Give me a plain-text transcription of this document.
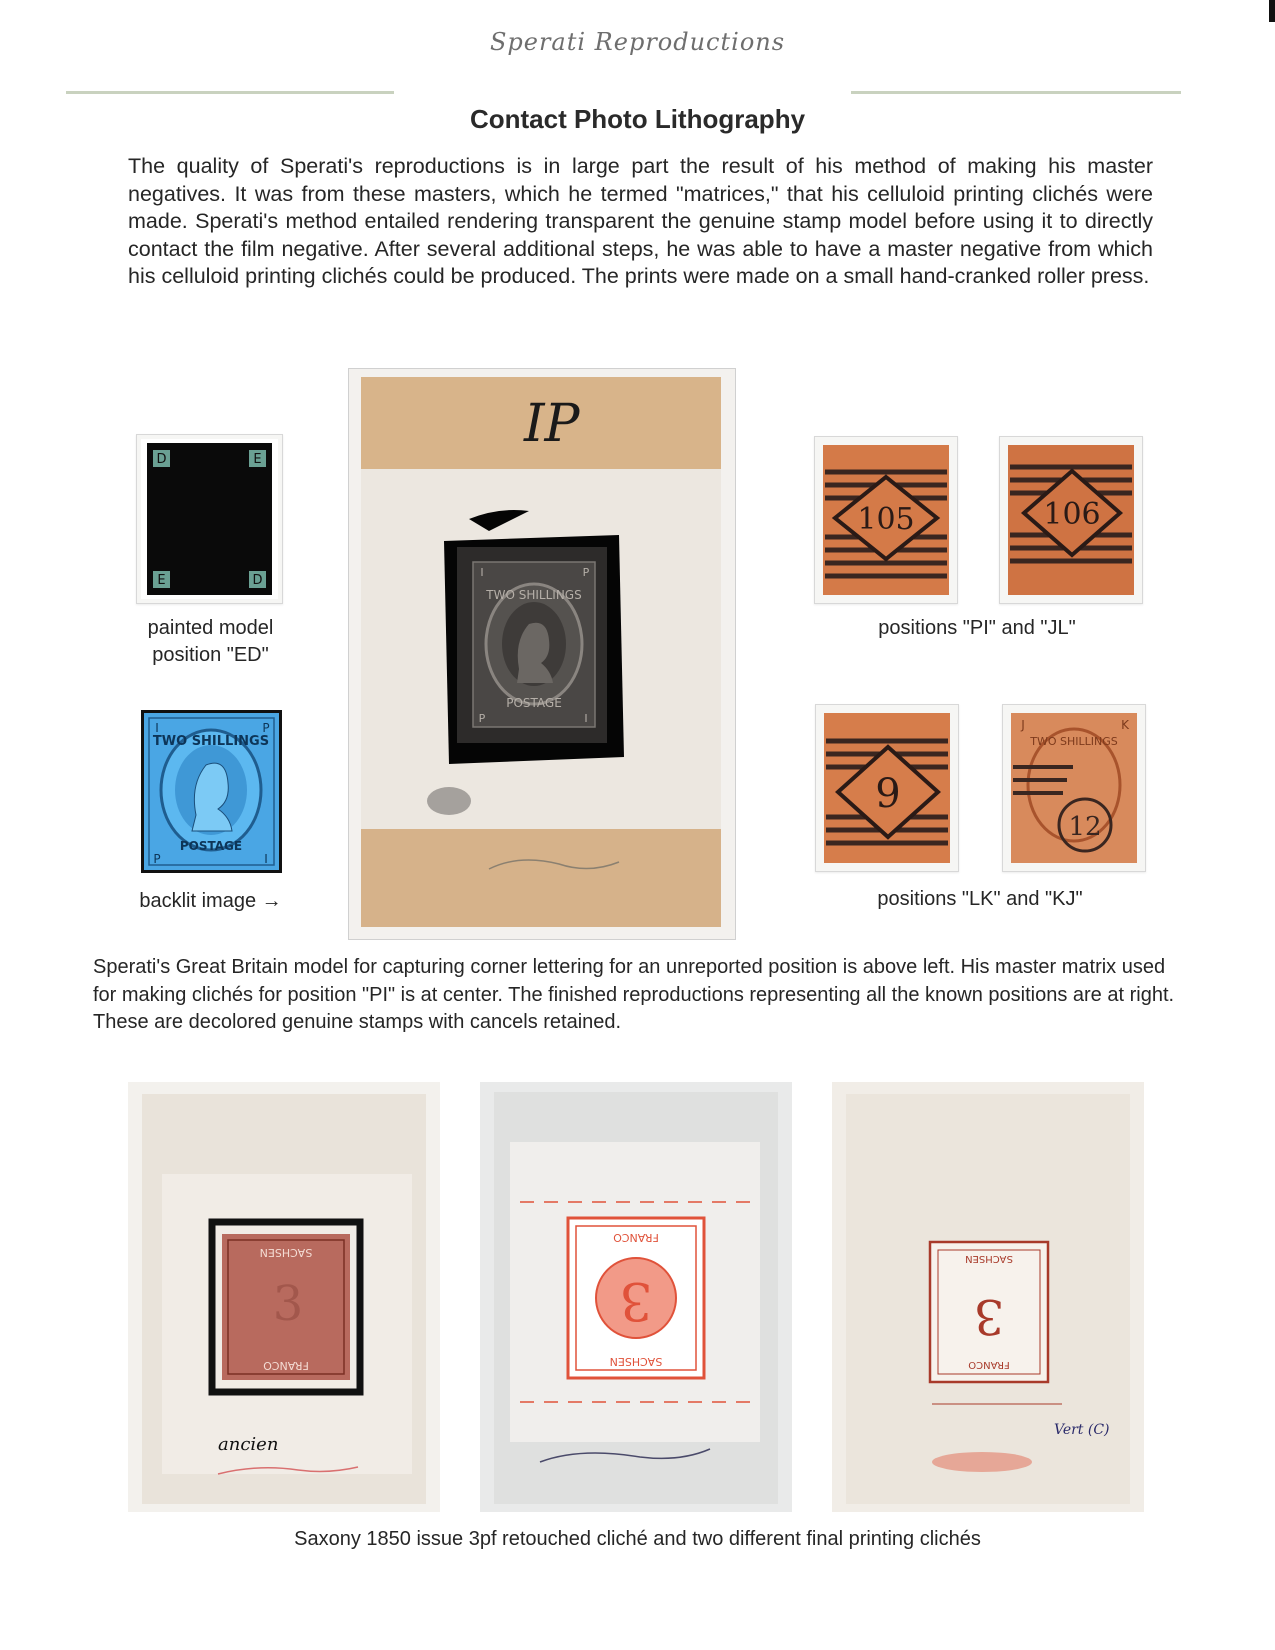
Sperati Reproductions
Contact Photo Lithography
The quality of Sperati's reproductions is in large part the result of his method of making his master negatives. It was from these masters, which he termed "matrices," that his celluloid printing clichés were made. Sperati's method entailed rendering transparent the genuine stamp model before using it to directly contact the film negative. After several additional steps, he was able to have a master negative from which his celluloid printing clichés could be produced. The prints were made on a small hand-cranked roller press.
D	E
E	D
painted model position "ED"
TWO SHILLINGS
POSTAGE
I	P
P	I
backlit image →
IP
TWO SHILLINGS
POSTAGE
I	P
P	I
105	106
positions "PI" and "JL"
9
TWO SHILLINGS
J	K
12
positions "LK" and "KJ"
Sperati's Great Britain model for capturing corner lettering for an unreported position is above left. His master matrix used for making clichés for position "PI" is at center. The finished reproductions representing all the known positions are at right. These are decolored genuine stamps with cancels retained.
SACHSEN
FRANCO
3
ancien
3
FRANCO
SACHSEN
3
SACHSEN
FRANCO
Vert (C)
Saxony 1850 issue 3pf retouched cliché and two different final printing clichés
